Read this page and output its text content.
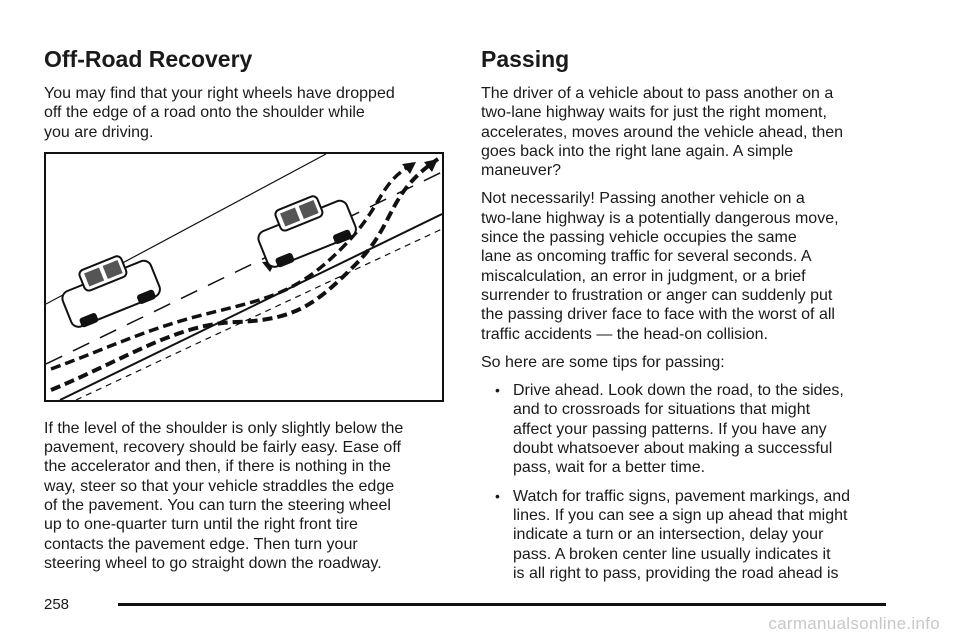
Off-Road Recovery

You may find that your right wheels have dropped
off the edge of a road onto the shoulder while
you are driving.

If the level of the shoulder is only slightly below the
pavement, recovery should be fairly easy. Ease off
the accelerator and then, if there is nothing in the
way, steer so that your vehicle straddles the edge
of the pavement. You can turn the steering wheel
up to one-quarter turn until the right front tire
contacts the pavement edge. Then turn your
steering wheel to go straight down the roadway.

Passing

The driver of a vehicle about to pass another on a
two-lane highway waits for just the right moment,
accelerates, moves around the vehicle ahead, then
goes back into the right lane again. A simple
maneuver?

Not necessarily! Passing another vehicle on a
two-lane highway is a potentially dangerous move,
since the passing vehicle occupies the same
lane as oncoming traffic for several seconds. A
miscalculation, an error in judgment, or a brief
surrender to frustration or anger can suddenly put
the passing driver face to face with the worst of all
traffic accidents — the head-on collision.

So here are some tips for passing:

• Drive ahead. Look down the road, to the sides,
and to crossroads for situations that might
affect your passing patterns. If you have any
doubt whatsoever about making a successful
pass, wait for a better time.
• Watch for traffic signs, pavement markings, and
lines. If you can see a sign up ahead that might
indicate a turn or an intersection, delay your
pass. A broken center line usually indicates it
is all right to pass, providing the road ahead is
258
carmanualsonline.info
